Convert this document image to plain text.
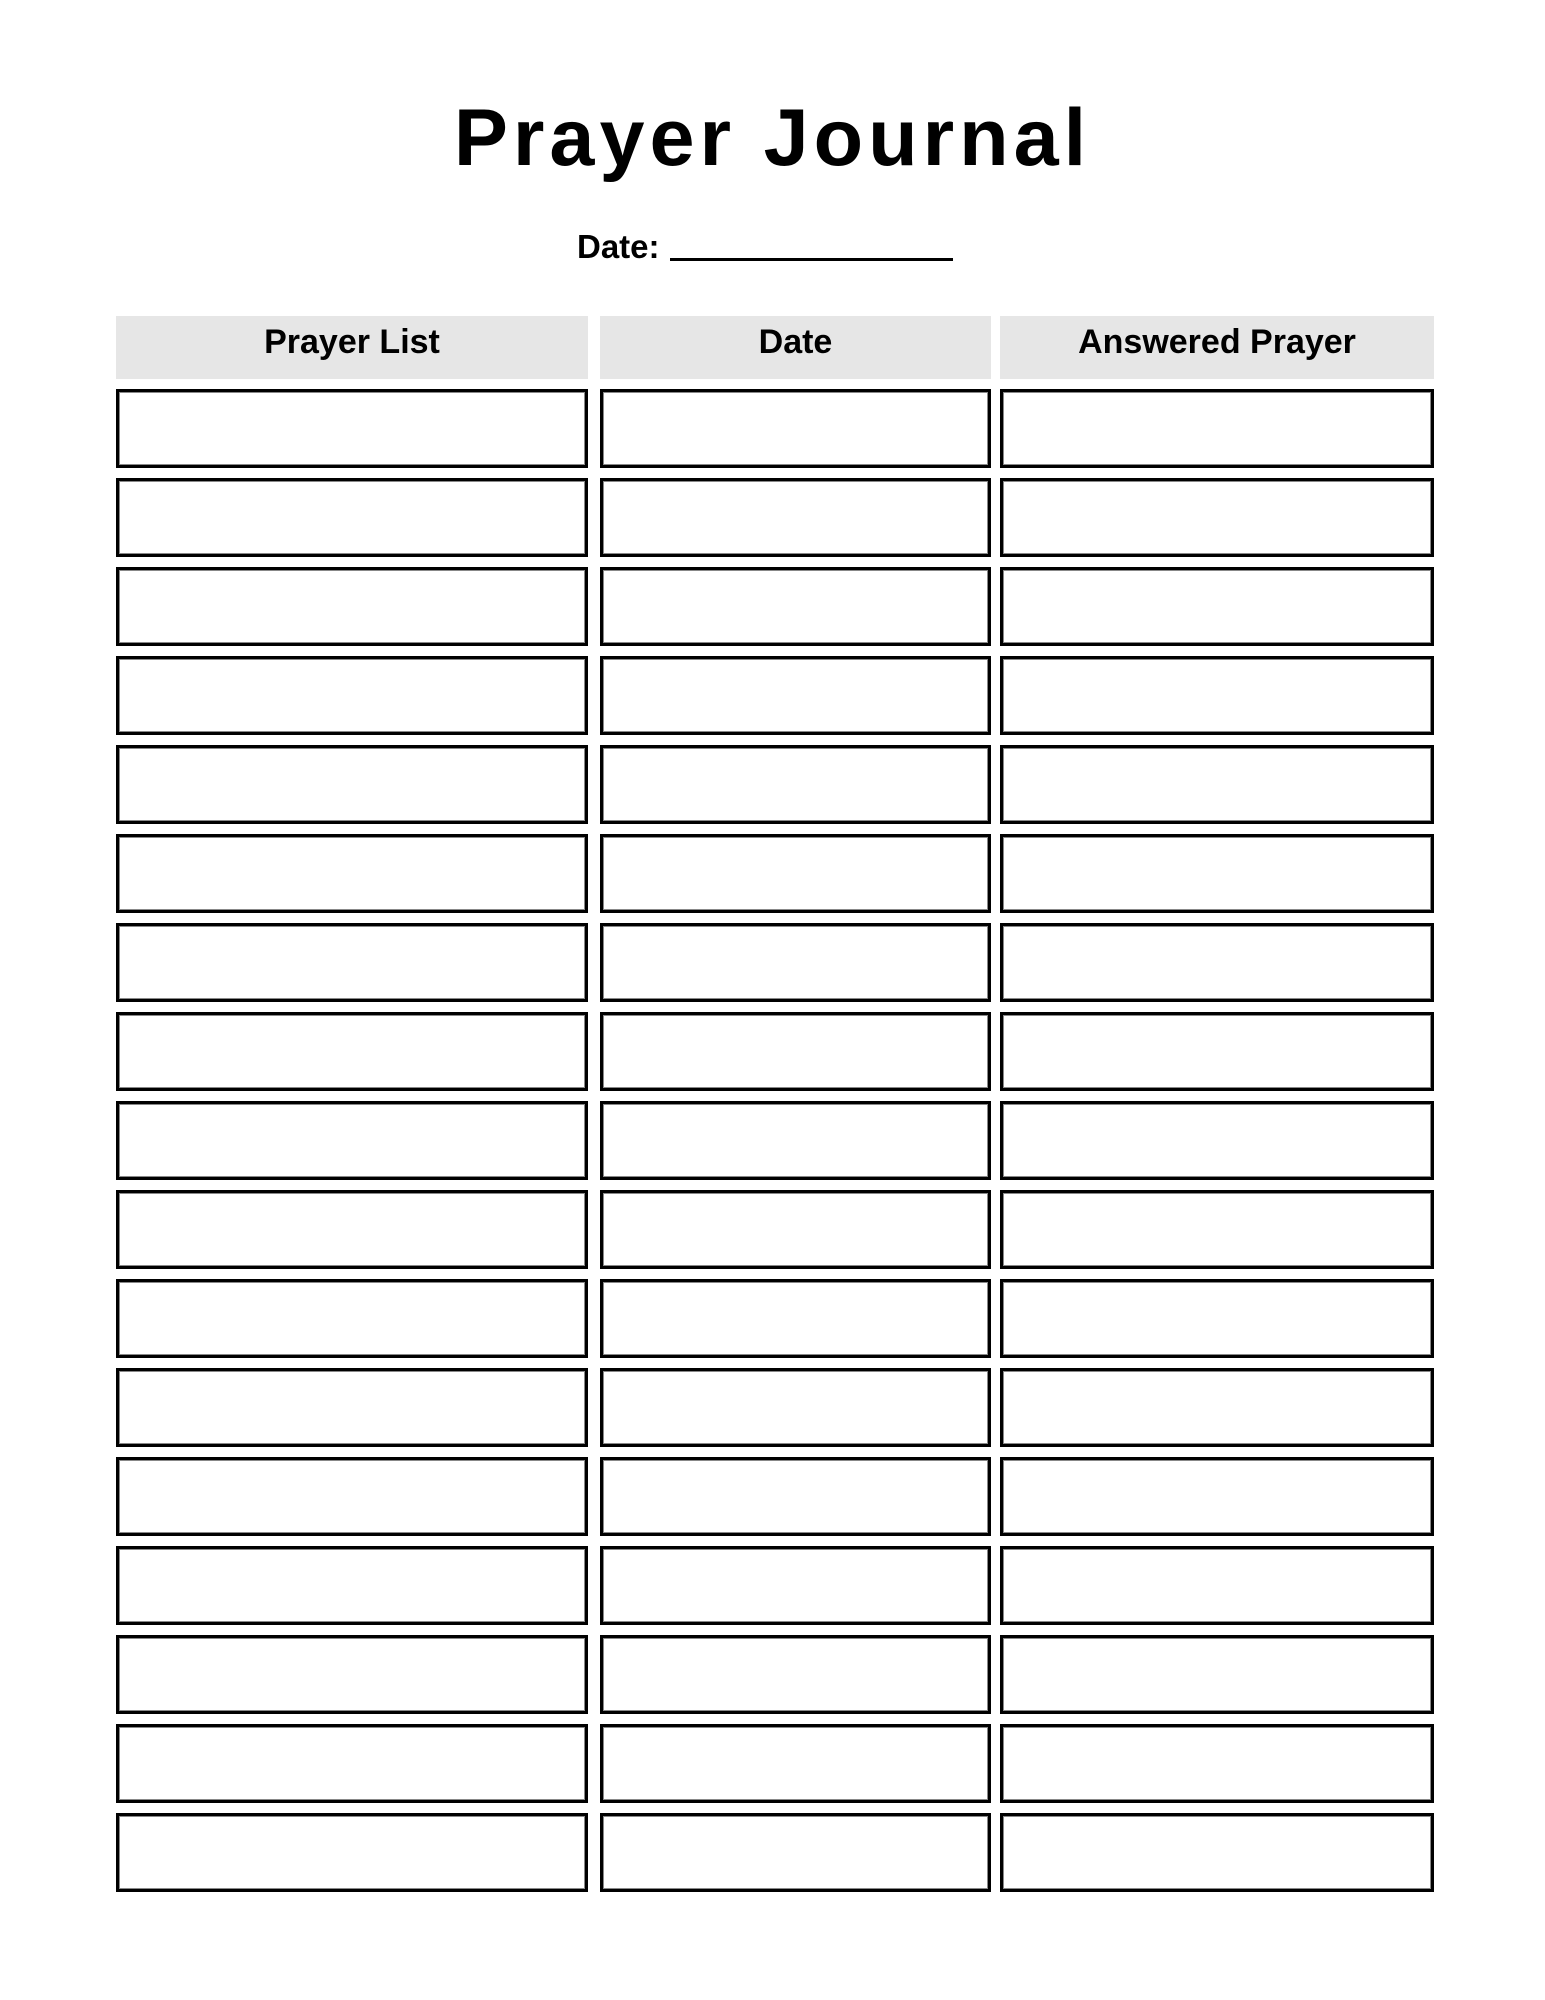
Prayer Journal
Date:
Prayer List	Date	Answered Prayer
